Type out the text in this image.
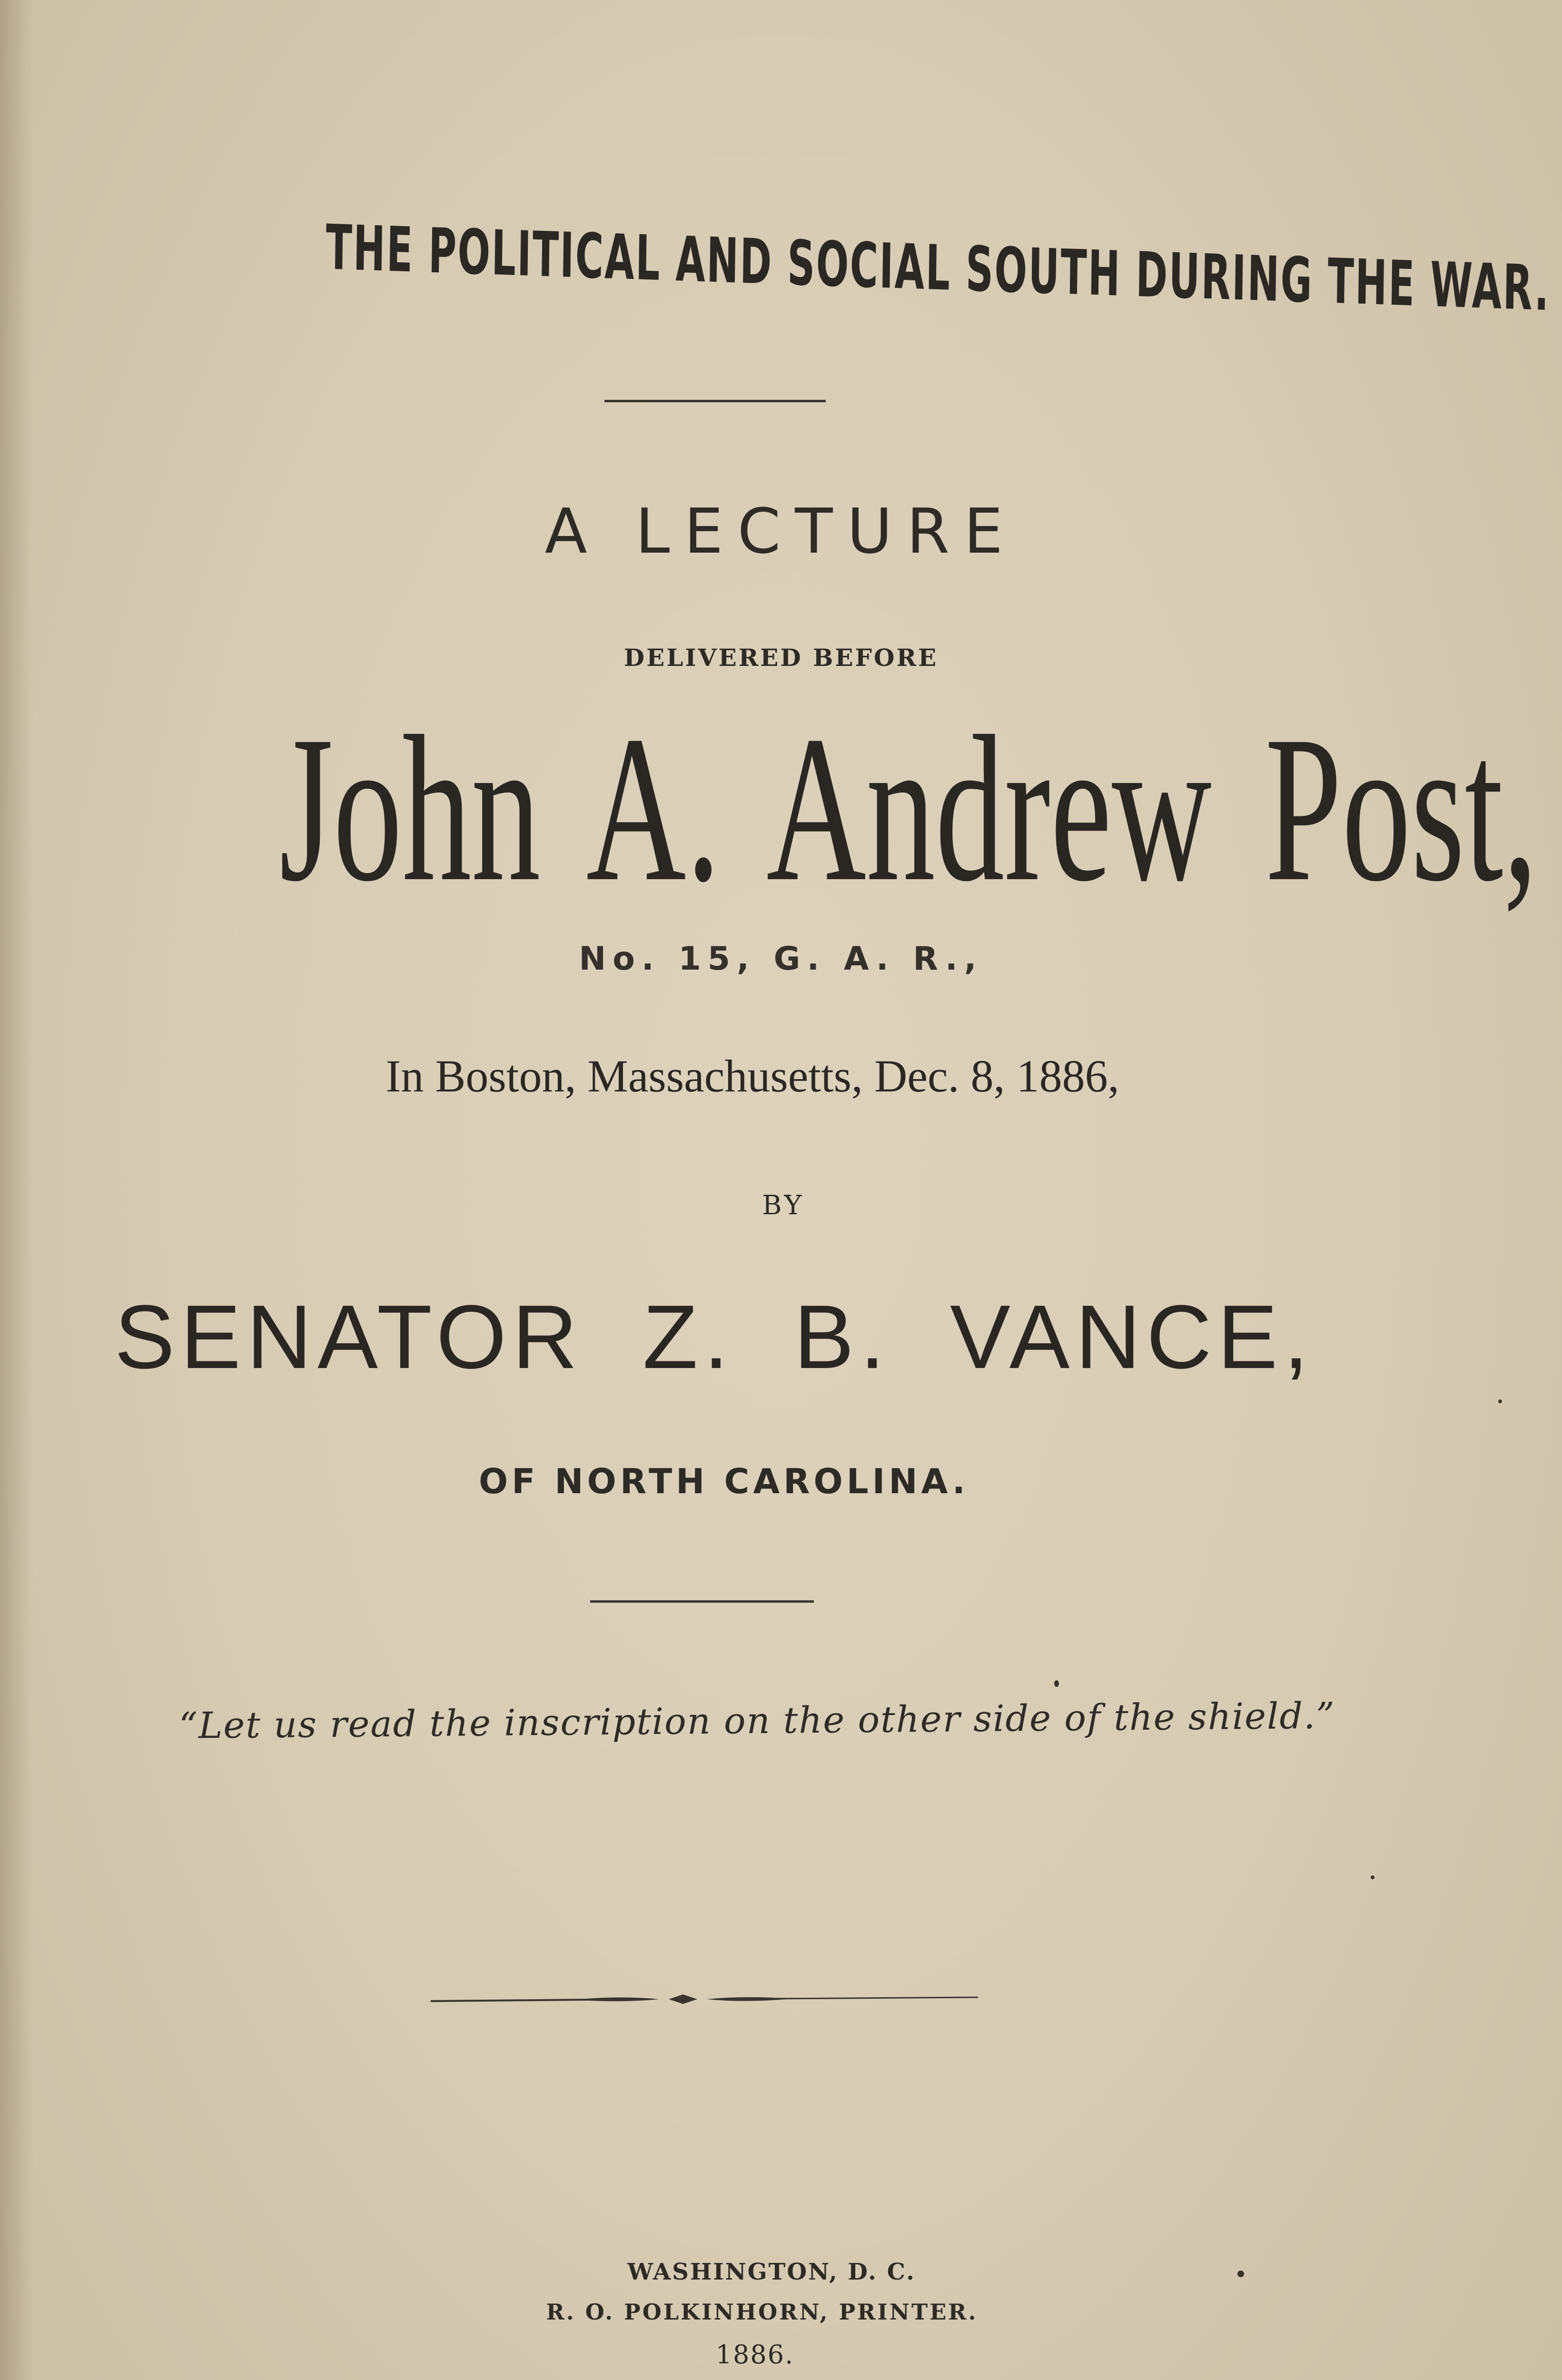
THE POLITICAL AND SOCIAL SOUTH DURING THE WAR.
A LECTURE
DELIVERED BEFORE
John A. Andrew Post,
No. 15, G. A. R.,
In Boston, Massachusetts, Dec. 8, 1886,
BY
SENATOR Z. B. VANCE,
OF NORTH CAROLINA.
“Let us read the inscription on the other side of the shield.”
WASHINGTON, D. C.
R. O. POLKINHORN, PRINTER.
1886.
